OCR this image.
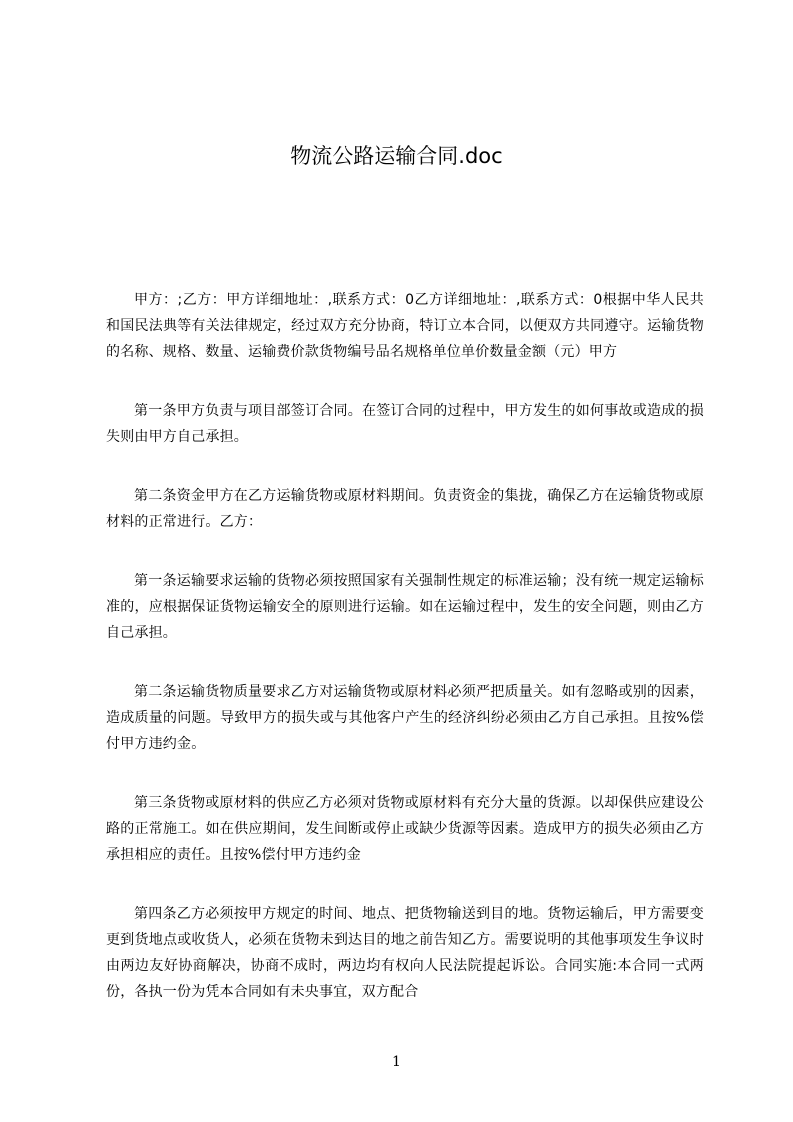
物流公路运输合同.doc

甲方：;乙方：甲方详细地址：,联系方式：0乙方详细地址：,联系方式：0根据中华人民共和国民法典等有关法律规定，经过双方充分协商，特订立本合同，以便双方共同遵守。运输货物的名称、规格、数量、运输费价款货物编号品名规格单位单价数量金额（元）甲方

第一条甲方负责与项目部签订合同。在签订合同的过程中，甲方发生的如何事故或造成的损失则由甲方自己承担。

第二条资金甲方在乙方运输货物或原材料期间。负责资金的集拢，确保乙方在运输货物或原材料的正常进行。乙方：

第一条运输要求运输的货物必须按照国家有关强制性规定的标准运输；没有统一规定运输标准的，应根据保证货物运输安全的原则进行运输。如在运输过程中，发生的安全问题，则由乙方自己承担。

第二条运输货物质量要求乙方对运输货物或原材料必须严把质量关。如有忽略或别的因素，造成质量的问题。导致甲方的损失或与其他客户产生的经济纠纷必须由乙方自己承担。且按%偿付甲方违约金。

第三条货物或原材料的供应乙方必须对货物或原材料有充分大量的货源。以却保供应建设公路的正常施工。如在供应期间，发生间断或停止或缺少货源等因素。造成甲方的损失必须由乙方承担相应的责任。且按%偿付甲方违约金

第四条乙方必须按甲方规定的时间、地点、把货物输送到目的地。货物运输后，甲方需要变更到货地点或收货人，必须在货物未到达目的地之前告知乙方。需要说明的其他事项发生争议时由两边友好协商解决，协商不成时，两边均有权向人民法院提起诉讼。合同实施:本合同一式两份，各执一份为凭本合同如有未央事宜，双方配合

1
